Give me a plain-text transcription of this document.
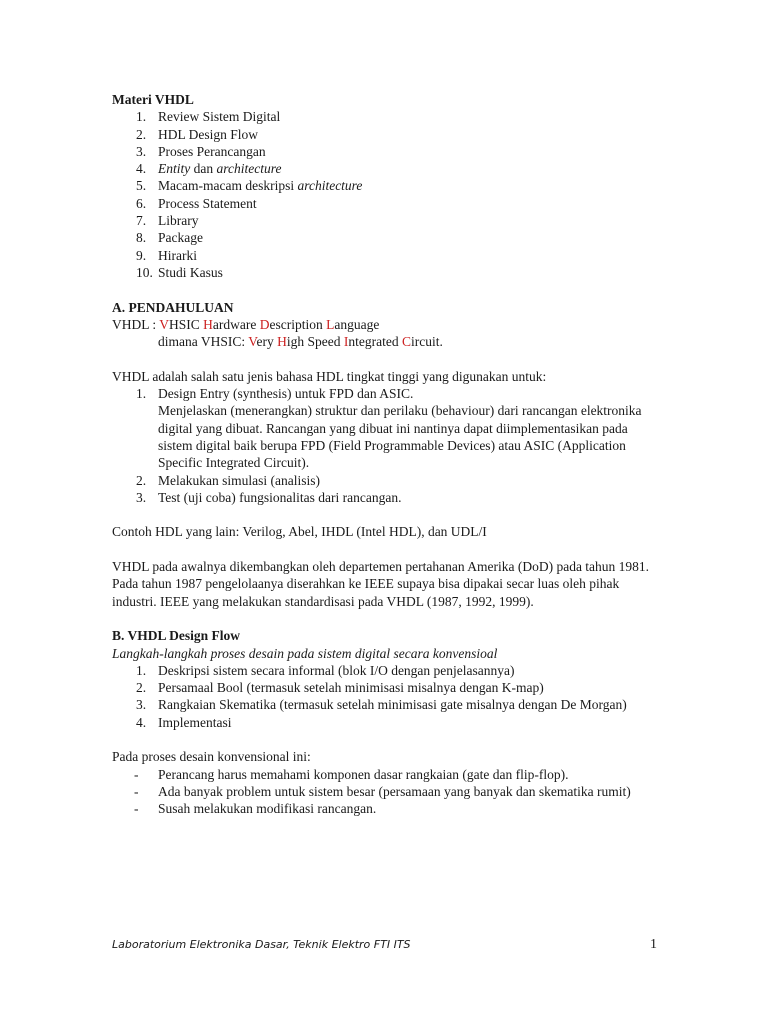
Materi VHDL
1. Review Sistem Digital
2. HDL Design Flow
3. Proses Perancangan
4. Entity dan architecture
5. Macam-macam deskripsi architecture
6. Process Statement
7. Library
8. Package
9. Hirarki
10. Studi Kasus
A. PENDAHULUAN
VHDL : VHSIC Hardware Description Language
dimana VHSIC: Very High Speed Integrated Circuit.
VHDL adalah salah satu jenis bahasa HDL tingkat tinggi yang digunakan untuk:
1. Design Entry (synthesis) untuk FPD dan ASIC.
Menjelaskan (menerangkan) struktur dan perilaku (behaviour) dari rancangan elektronika digital yang dibuat. Rancangan yang dibuat ini nantinya dapat diimplementasikan pada sistem digital baik berupa FPD (Field Programmable Devices) atau ASIC (Application Specific Integrated Circuit).
2. Melakukan simulasi (analisis)
3. Test (uji coba) fungsionalitas dari rancangan.
Contoh HDL yang lain: Verilog, Abel, IHDL (Intel HDL), dan UDL/I
VHDL pada awalnya dikembangkan oleh departemen pertahanan Amerika (DoD) pada tahun 1981. Pada tahun 1987 pengelolaanya diserahkan ke IEEE supaya bisa dipakai secar luas oleh pihak industri. IEEE yang melakukan standardisasi pada VHDL (1987, 1992, 1999).
B. VHDL Design Flow
Langkah-langkah proses desain pada sistem digital secara konvensioal
1. Deskripsi sistem secara informal (blok I/O dengan penjelasannya)
2. Persamaal Bool (termasuk setelah minimisasi misalnya dengan K-map)
3. Rangkaian Skematika (termasuk setelah minimisasi gate misalnya dengan De Morgan)
4. Implementasi
Pada proses desain konvensional ini:
-	Perancang harus memahami komponen dasar rangkaian (gate dan flip-flop).
-	Ada banyak problem untuk sistem besar (persamaan yang banyak dan skematika rumit)
-	Susah melakukan modifikasi rancangan.
Laboratorium Elektronika Dasar, Teknik Elektro FTI ITS	1
